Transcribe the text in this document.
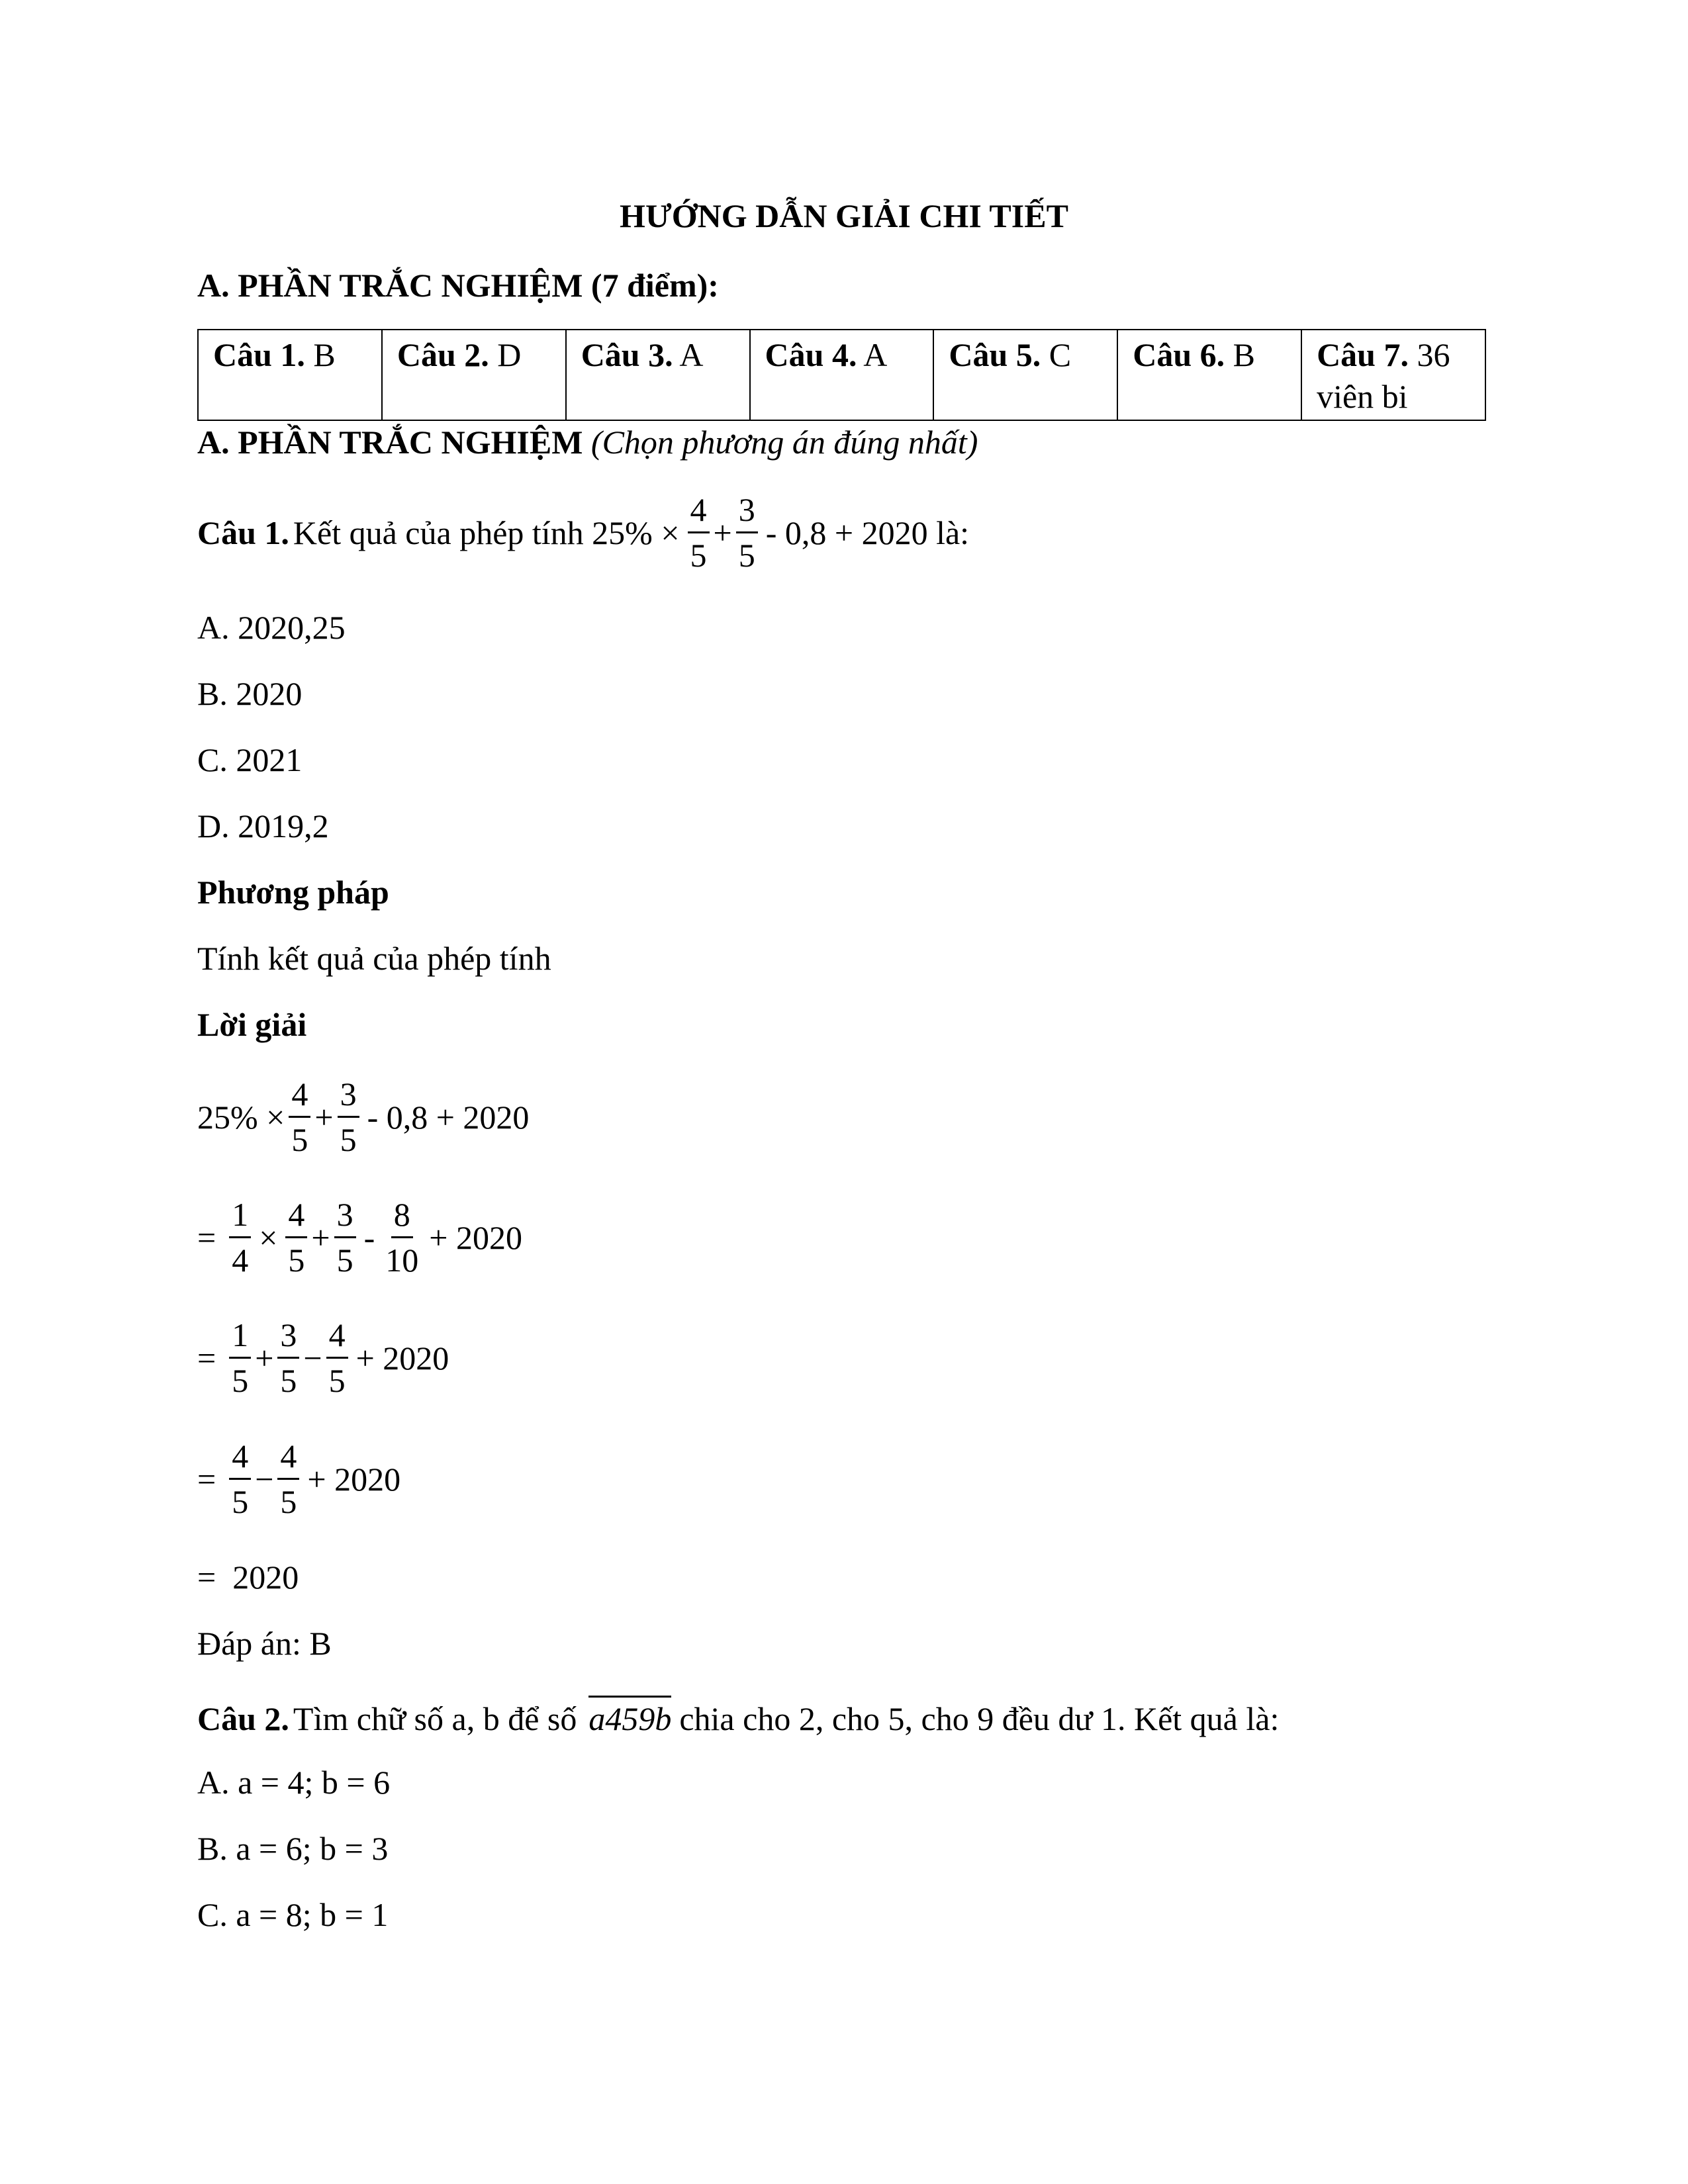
HƯỚNG DẪN GIẢI CHI TIẾT
A. PHẦN TRẮC NGHIỆM (7 điểm):
Câu 1. B	Câu 2. D	Câu 3. A	Câu 4. A	Câu 5. C	Câu 6. B	Câu 7. 36 viên bi
A. PHẦN TRẮC NGHIỆM (Chọn phương án đúng nhất)
Câu 1. Kết quả của phép tính $25\% \times \frac{4}{5} + \frac{3}{5} - 0,8 + 2020$ là:
A. 2020,25
B. 2020
C. 2021
D. 2019,2
Phương pháp
Tính kết quả của phép tính
Lời giải
$25\% \times \frac{4}{5} + \frac{3}{5} - 0,8 + 2020$
= $\frac{1}{4} \times \frac{4}{5} + \frac{3}{5} - \frac{8}{10} + 2020$
= $\frac{1}{5} + \frac{3}{5} - \frac{4}{5} + 2020$
= $\frac{4}{5} - \frac{4}{5} + 2020$
=  2020
Đáp án: B
Câu 2. Tìm chữ số a, b để số a459b chia cho 2, cho 5, cho 9 đều dư 1. Kết quả là:
A. a = 4; b = 6
B. a = 6; b = 3
C. a = 8; b = 1
